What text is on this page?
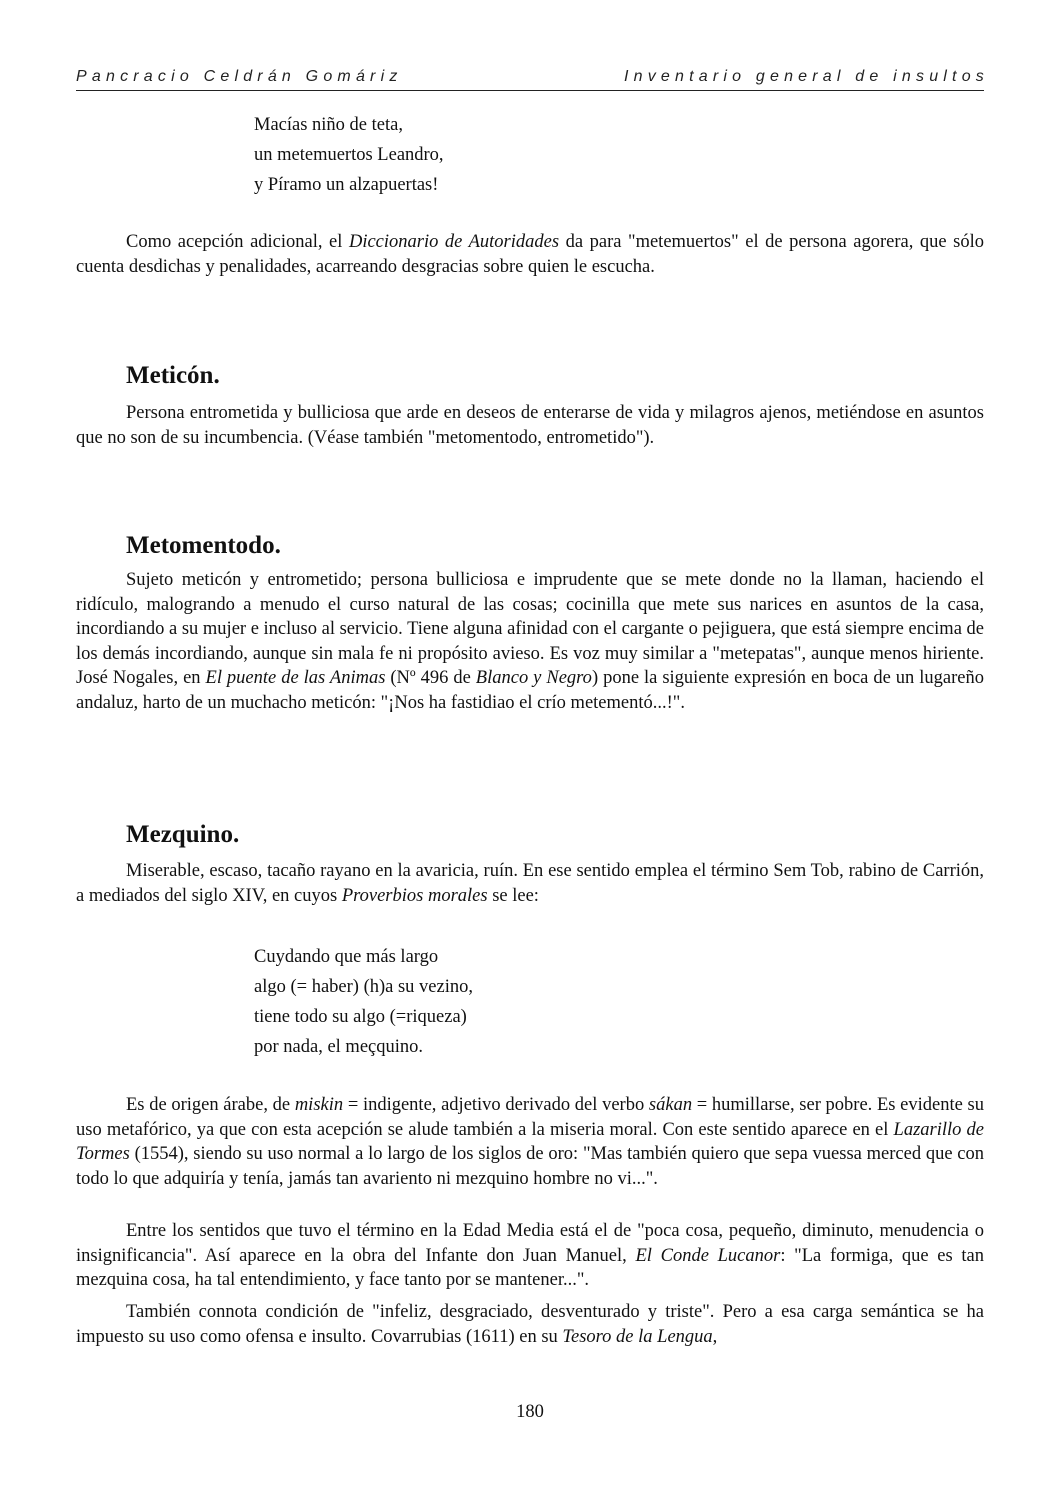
Pancracio Celdrán Gomáriz	Inventario general de insultos
Macías niño de teta,
un metemuertos Leandro,
y Píramo un alzapuertas!

Como acepción adicional, el Diccionario de Autoridades da para "metemuertos" el de persona agorera, que sólo cuenta desdichas y penalidades, acarreando desgracias sobre quien le escucha.

Meticón.

Persona entrometida y bulliciosa que arde en deseos de enterarse de vida y milagros ajenos, metiéndose en asuntos que no son de su incumbencia. (Véase también "metomentodo, entrometido").

Metomentodo.

Sujeto meticón y entrometido; persona bulliciosa e imprudente que se mete donde no la llaman, haciendo el ridículo, malogrando a menudo el curso natural de las cosas; cocinilla que mete sus narices en asuntos de la casa, incordiando a su mujer e incluso al servicio. Tiene alguna afinidad con el cargante o pejiguera, que está siempre encima de los demás incordiando, aunque sin mala fe ni propósito avieso. Es voz muy similar a "metepatas", aunque menos hiriente. José Nogales, en El puente de las Animas (Nº 496 de Blanco y Negro) pone la siguiente expresión en boca de un lugareño andaluz, harto de un muchacho meticón: "¡Nos ha fastidiao el crío metementó...!".

Mezquino.

Miserable, escaso, tacaño rayano en la avaricia, ruín. En ese sentido emplea el término Sem Tob, rabino de Carrión, a mediados del siglo XIV, en cuyos Proverbios morales se lee:

Cuydando que más largo
algo (= haber) (h)a su vezino,
tiene todo su algo (=riqueza)
por nada, el meçquino.

Es de origen árabe, de miskin = indigente, adjetivo derivado del verbo sákan = humillarse, ser pobre. Es evidente su uso metafórico, ya que con esta acepción se alude también a la miseria moral. Con este sentido aparece en el Lazarillo de Tormes (1554), siendo su uso normal a lo largo de los siglos de oro: "Mas también quiero que sepa vuessa merced que con todo lo que adquiría y tenía, jamás tan avariento ni mezquino hombre no vi...".

Entre los sentidos que tuvo el término en la Edad Media está el de "poca cosa, pequeño, diminuto, menudencia o insignificancia". Así aparece en la obra del Infante don Juan Manuel, El Conde Lucanor: "La formiga, que es tan mezquina cosa, ha tal entendimiento, y face tanto por se mantener...".

También connota condición de "infeliz, desgraciado, desventurado y triste". Pero a esa carga semántica se ha impuesto su uso como ofensa e insulto. Covarrubias (1611) en su Tesoro de la Lengua,

180
